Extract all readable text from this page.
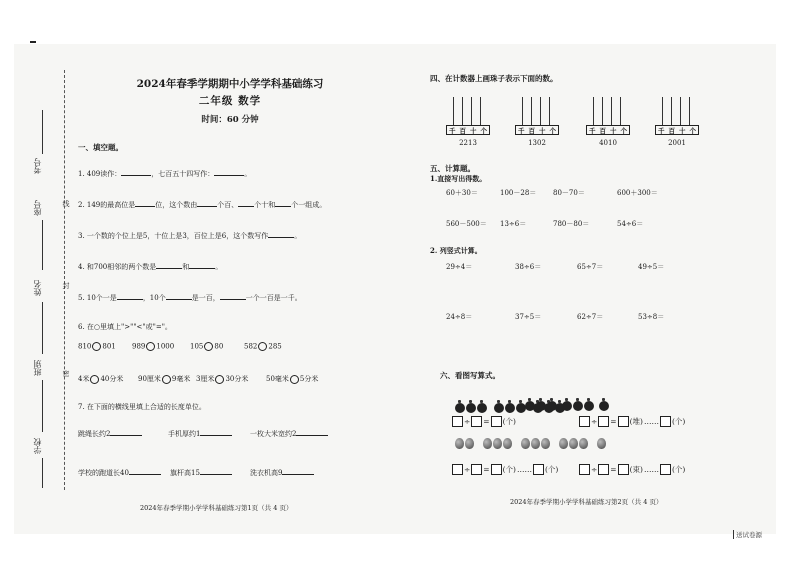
考号
座号
姓名
班别
学校
线
封
密
2024年春季学期期中小学学科基础练习
二年级 数学
时间：60 分钟
一、填空题。
1. 409读作：	，七百五十四写作：	。
2. 149的最高位是	位，这个数由	个百、 个十和 个一组成。
3. 一个数的个位上是5，十位上是3，百位上是6，这个数写作	。
4. 和700相邻的两个数是	和	。
5. 10个一是	，10个	是一百，	一个一百是一千。
6. 在○里填上">""<"或"="。
810 801 989 1000 105 80	582 285
4米 40分米 90厘米 9毫米 3厘米 30分米	50毫米 5分米
7. 在下面的横线里填上合适的长度单位。
跳绳长约2	手机厚约1	一枚大米宽约2
学校的跑道长40	旗杆高15	洗衣机高9
2024年春季学期小学学科基础练习第1页（共 4 页）
四、在计数器上画珠子表示下面的数。
千 百 十 个
2213
千 百 十 个
1302
千 百 十 个
4010
千 百 十 个
2001
五、计算题。
1.直接写出得数。
60＋30＝	100－28＝ 80－70＝	600＋300＝
560－500＝ 13÷6＝	780－80＝	54÷6＝
2. 列竖式计算。
29÷4＝	38÷6＝	65÷7＝	49÷5＝
24÷8＝	37÷5＝	62÷7＝	53÷8＝
六、看图写算式。
÷ = (个)	÷ = (堆) …… (个)
÷ = (个) …… (个)	÷ = (束) …… (个)
2024年春季学期小学学科基础练习第2页（共 4 页）
送试卷源
